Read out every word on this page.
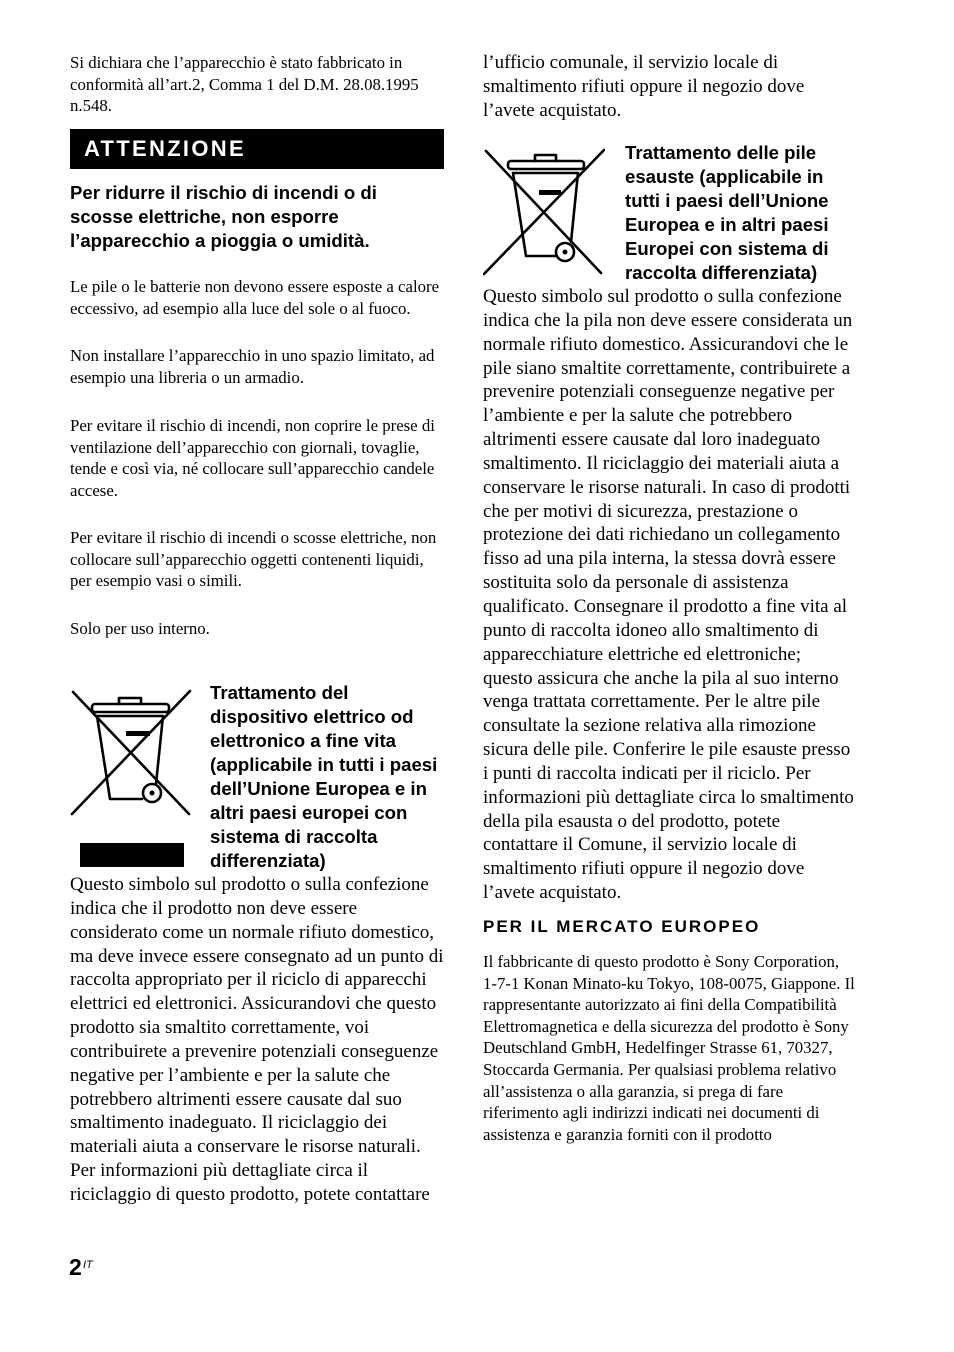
Si dichiara che l’apparecchio è stato fabbricato in
conformità all’art.2, Comma 1 del D.M. 28.08.1995
n.548.
ATTENZIONE
Per ridurre il rischio di incendi o di
scosse elettriche, non esporre
l’apparecchio a pioggia o umidità.
Le pile o le batterie non devono essere esposte a calore
eccessivo, ad esempio alla luce del sole o al fuoco.
Non installare l’apparecchio in uno spazio limitato, ad
esempio una libreria o un armadio.
Per evitare il rischio di incendi, non coprire le prese di
ventilazione dell’apparecchio con giornali, tovaglie,
tende e così via, né collocare sull’apparecchio candele
accese.
Per evitare il rischio di incendi o scosse elettriche, non
collocare sull’apparecchio oggetti contenenti liquidi,
per esempio vasi o simili.
Solo per uso interno.
Trattamento del
dispositivo elettrico od
elettronico a fine vita
(applicabile in tutti i paesi
dell’Unione Europea e in
altri paesi europei con
sistema di raccolta
differenziata)
Questo simbolo sul prodotto o sulla confezione
indica che il prodotto non deve essere
considerato come un normale rifiuto domestico,
ma deve invece essere consegnato ad un punto di
raccolta appropriato per il riciclo di apparecchi
elettrici ed elettronici. Assicurandovi che questo
prodotto sia smaltito correttamente, voi
contribuirete a prevenire potenziali conseguenze
negative per l’ambiente e per la salute che
potrebbero altrimenti essere causate dal suo
smaltimento inadeguato. Il riciclaggio dei
materiali aiuta a conservare le risorse naturali.
Per informazioni più dettagliate circa il
riciclaggio di questo prodotto, potete contattare
l’ufficio comunale, il servizio locale di
smaltimento rifiuti oppure il negozio dove
l’avete acquistato.
Trattamento delle pile
esauste (applicabile in
tutti i paesi dell’Unione
Europea e in altri paesi
Europei con sistema di
raccolta differenziata)
Questo simbolo sul prodotto o sulla confezione
indica che la pila non deve essere considerata un
normale rifiuto domestico. Assicurandovi che le
pile siano smaltite correttamente, contribuirete a
prevenire potenziali conseguenze negative per
l’ambiente e per la salute che potrebbero
altrimenti essere causate dal loro inadeguato
smaltimento. Il riciclaggio dei materiali aiuta a
conservare le risorse naturali. In caso di prodotti
che per motivi di sicurezza, prestazione o
protezione dei dati richiedano un collegamento
fisso ad una pila interna, la stessa dovrà essere
sostituita solo da personale di assistenza
qualificato. Consegnare il prodotto a fine vita al
punto di raccolta idoneo allo smaltimento di
apparecchiature elettriche ed elettroniche;
questo assicura che anche la pila al suo interno
venga trattata correttamente. Per le altre pile
consultate la sezione relativa alla rimozione
sicura delle pile. Conferire le pile esauste presso
i punti di raccolta indicati per il riciclo. Per
informazioni più dettagliate circa lo smaltimento
della pila esausta o del prodotto, potete
contattare il Comune, il servizio locale di
smaltimento rifiuti oppure il negozio dove
l’avete acquistato.
PER IL MERCATO EUROPEO
Il fabbricante di questo prodotto è Sony Corporation,
1-7-1 Konan Minato-ku Tokyo, 108-0075, Giappone. Il
rappresentante autorizzato ai fini della Compatibilità
Elettromagnetica e della sicurezza del prodotto è Sony
Deutschland GmbH, Hedelfinger Strasse 61, 70327,
Stoccarda Germania. Per qualsiasi problema relativo
all’assistenza o alla garanzia, si prega di fare
riferimento agli indirizzi indicati nei documenti di
assistenza e garanzia forniti con il prodotto
2 IT
